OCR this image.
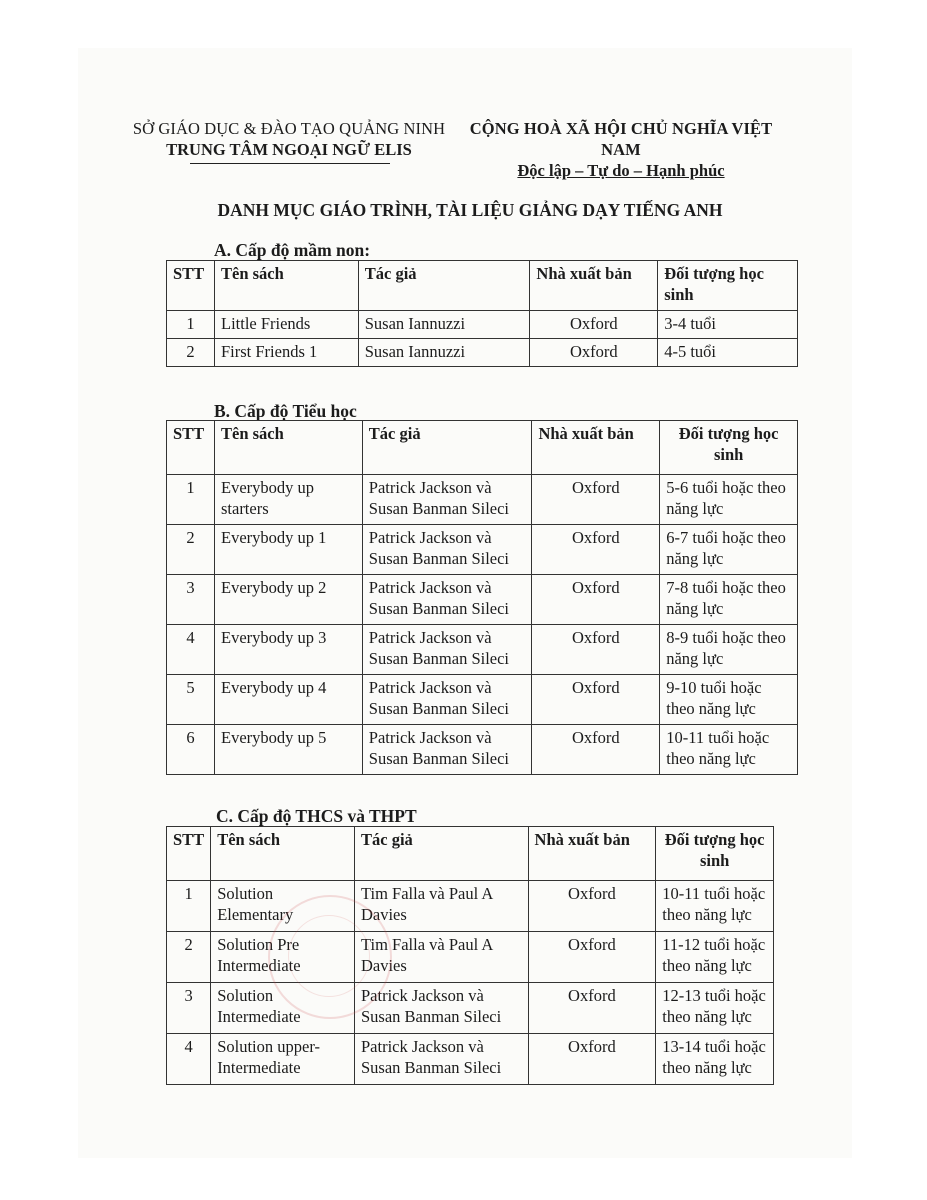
SỞ GIÁO DỤC & ĐÀO TẠO QUẢNG NINH
TRUNG TÂM NGOẠI NGỮ ELIS
CỘNG HOÀ XÃ HỘI CHỦ NGHĨA VIỆT NAM
Độc lập – Tự do – Hạnh phúc
DANH MỤC GIÁO TRÌNH, TÀI LIỆU GIẢNG DẠY TIẾNG ANH
A. Cấp độ mầm non:
STT	Tên sách	Tác giả	Nhà xuất bản	Đối tượng học sinh
1	Little Friends	Susan Iannuzzi	Oxford	3-4 tuổi
2	First Friends 1	Susan Iannuzzi	Oxford	4-5 tuổi
B. Cấp độ Tiểu học
STT	Tên sách	Tác giả	Nhà xuất bản	Đối tượng học sinh
1	Everybody up starters	Patrick Jackson và Susan Banman Sileci	Oxford	5-6 tuổi hoặc theo năng lực
2	Everybody up 1	Patrick Jackson và Susan Banman Sileci	Oxford	6-7 tuổi hoặc theo năng lực
3	Everybody up 2	Patrick Jackson và Susan Banman Sileci	Oxford	7-8 tuổi hoặc theo năng lực
4	Everybody up 3	Patrick Jackson và Susan Banman Sileci	Oxford	8-9 tuổi hoặc theo năng lực
5	Everybody up 4	Patrick Jackson và Susan Banman Sileci	Oxford	9-10 tuổi hoặc theo năng lực
6	Everybody up 5	Patrick Jackson và Susan Banman Sileci	Oxford	10-11 tuổi hoặc theo năng lực
C. Cấp độ THCS và THPT
STT	Tên sách	Tác giả	Nhà xuất bản	Đối tượng học sinh
1	Solution Elementary	Tim Falla và Paul A Davies	Oxford	10-11 tuổi hoặc theo năng lực
2	Solution Pre Intermediate	Tim Falla và Paul A Davies	Oxford	11-12 tuổi hoặc theo năng lực
3	Solution Intermediate	Patrick Jackson và Susan Banman Sileci	Oxford	12-13 tuổi hoặc theo năng lực
4	Solution upper-Intermediate	Patrick Jackson và Susan Banman Sileci	Oxford	13-14 tuổi hoặc theo năng lực
